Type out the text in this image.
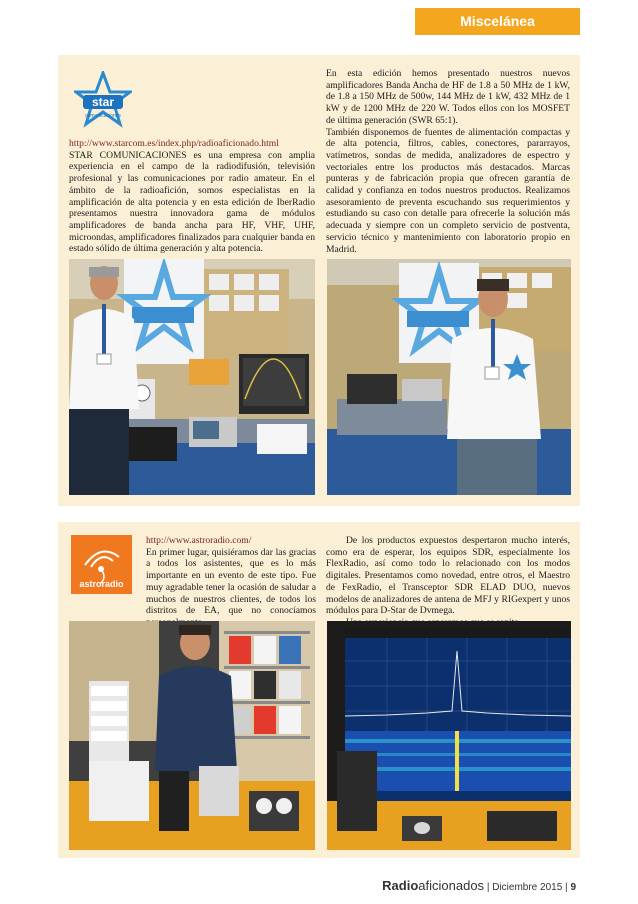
Miscelánea
star
comunicaciones

http://www.starcom.es/index.php/radioaficionado.html

STAR COMUNICACIONES es una empresa con amplia experiencia en el campo de la radiodifusión, televisión profesional y las comunicaciones por radio amateur. En el ámbito de la radioafición, somos especialistas en la amplificación de alta potencia y en esta edición de IberRadio presentamos nuestra innovadora gama de módulos amplificadores de banda ancha para HF, VHF, UHF, microondas, amplificadores finalizados para cualquier banda en estado sólido de última generación y alta potencia.

En esta edición hemos presentado nuestros nuevos amplificadores Banda Ancha de HF de 1.8 a 50 MHz de 1 kW, de 1.8 a 150 MHz de 500w, 144 MHz de 1 kW, 432 MHz de 1 kW y de 1200 MHz de 220 W. Todos ellos con los MOSFET de última generación (SWR 65:1).

También disponemos de fuentes de alimentación compactas y de alta potencia, filtros, cables, conectores, pararrayos, vatímetros, sondas de medida, analizadores de espectro y vectoriales entre los productos más destacados. Marcas punteras y de fabricación propia que ofrecen garantía de calidad y confianza en todos nuestros productos. Realizamos asesoramiento de preventa escuchando sus requerimientos y estudiando su caso con detalle para ofrecerle la solución más adecuada y siempre con un completo servicio de postventa, servicio técnico y mantenimiento con laboratorio propio en Madrid.

astroradio

http://www.astroradio.com/

En primer lugar, quisiéramos dar las gracias a todos los asistentes, que es lo más importante en un evento de este tipo. Fue muy agradable tener la ocasión de saludar a muchos de nuestros clientes, de todos los distritos de EA, que no conocíamos

De los productos expuestos despertaron mucho interés, como era de esperar, los equipos SDR, especialmente los FlexRadio, así como todo lo relacionado con los modos digitales. Presentamos como novedad, entre otros, el Maestro de FexRadio, el Transceptor SDR ELAD DUO, nuevos modelos de analizadores de antena de MFJ y RIGexpert y unos módulos para D-Star de Dvmega.

Radioaficionados | Diciembre 2015 | 9
